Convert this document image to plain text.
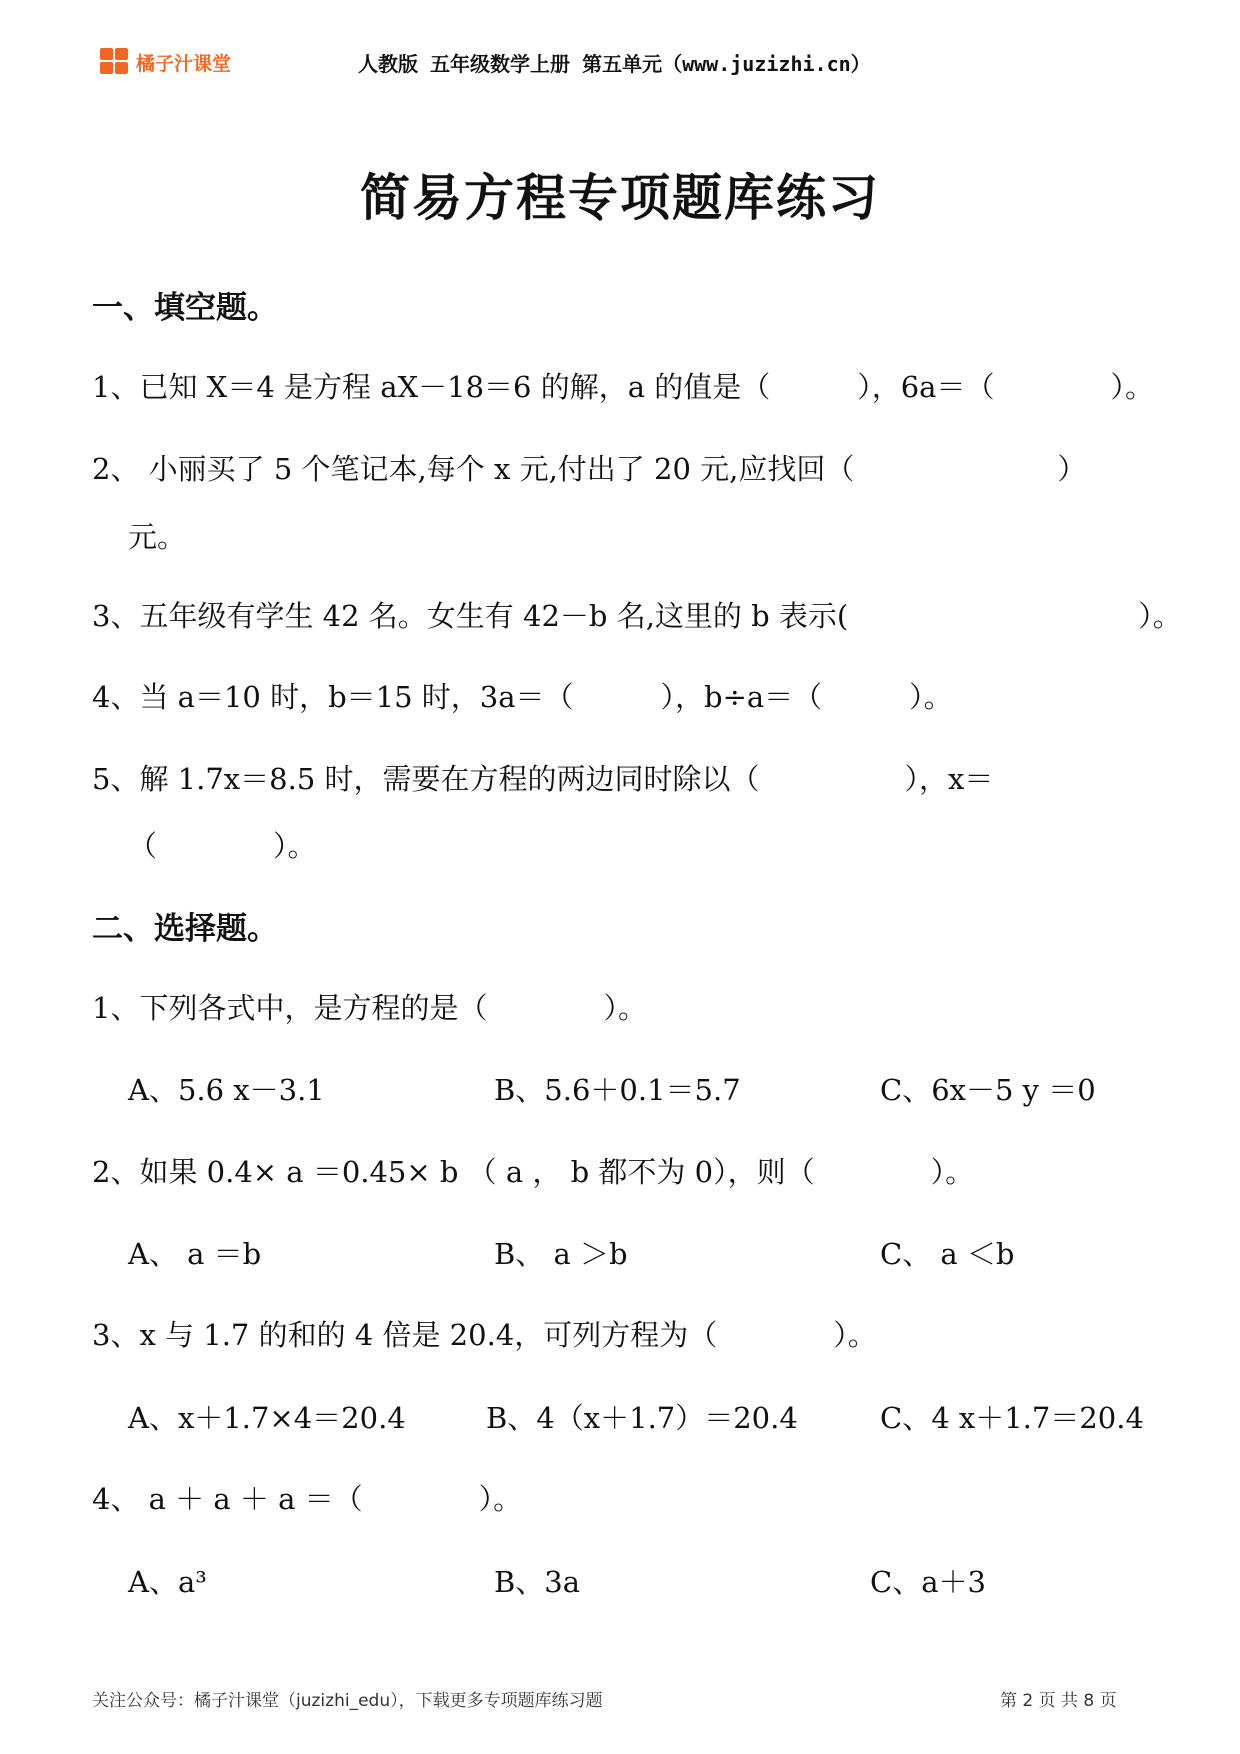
橘子汁课堂	人教版 五年级数学上册 第五单元（www.juzizhi.cn）
简易方程专项题库练习
一、填空题。
1、已知 X＝4 是方程 aX－18＝6 的解，a 的值是（　　　），6a＝（　　　　）。
2、 小丽买了 5 个笔记本,每个 x 元,付出了 20 元,应找回（　　　　　　　）
元。
3、五年级有学生 42 名。女生有 42－b 名,这里的 b 表示(　　　　　　　　　　）。
4、当 a＝10 时，b＝15 时，3a＝（　　　），b÷a＝（　　　）。
5、解 1.7x＝8.5 时，需要在方程的两边同时除以（　　　　　），x＝
（　　　　）。
二、选择题。
1、下列各式中，是方程的是（　　　　）。
A、5.6 x－3.1	B、5.6＋0.1＝5.7	C、6x－5 y ＝0
2、如果 0.4× a ＝0.45× b （ a ， b 都不为 0），则（　　　　）。
A、 a ＝b	B、 a ＞b	C、 a ＜b
3、x 与 1.7 的和的 4 倍是 20.4，可列方程为（　　　　）。
A、x＋1.7×4＝20.4	B、4（x＋1.7）＝20.4	C、4 x＋1.7＝20.4
4、 a ＋ a ＋ a ＝（　　　　）。
A、a³	B、3a	C、a＋3
关注公众号：橘子汁课堂（juzizhi_edu），下载更多专项题库练习题	第 2 页 共 8 页
